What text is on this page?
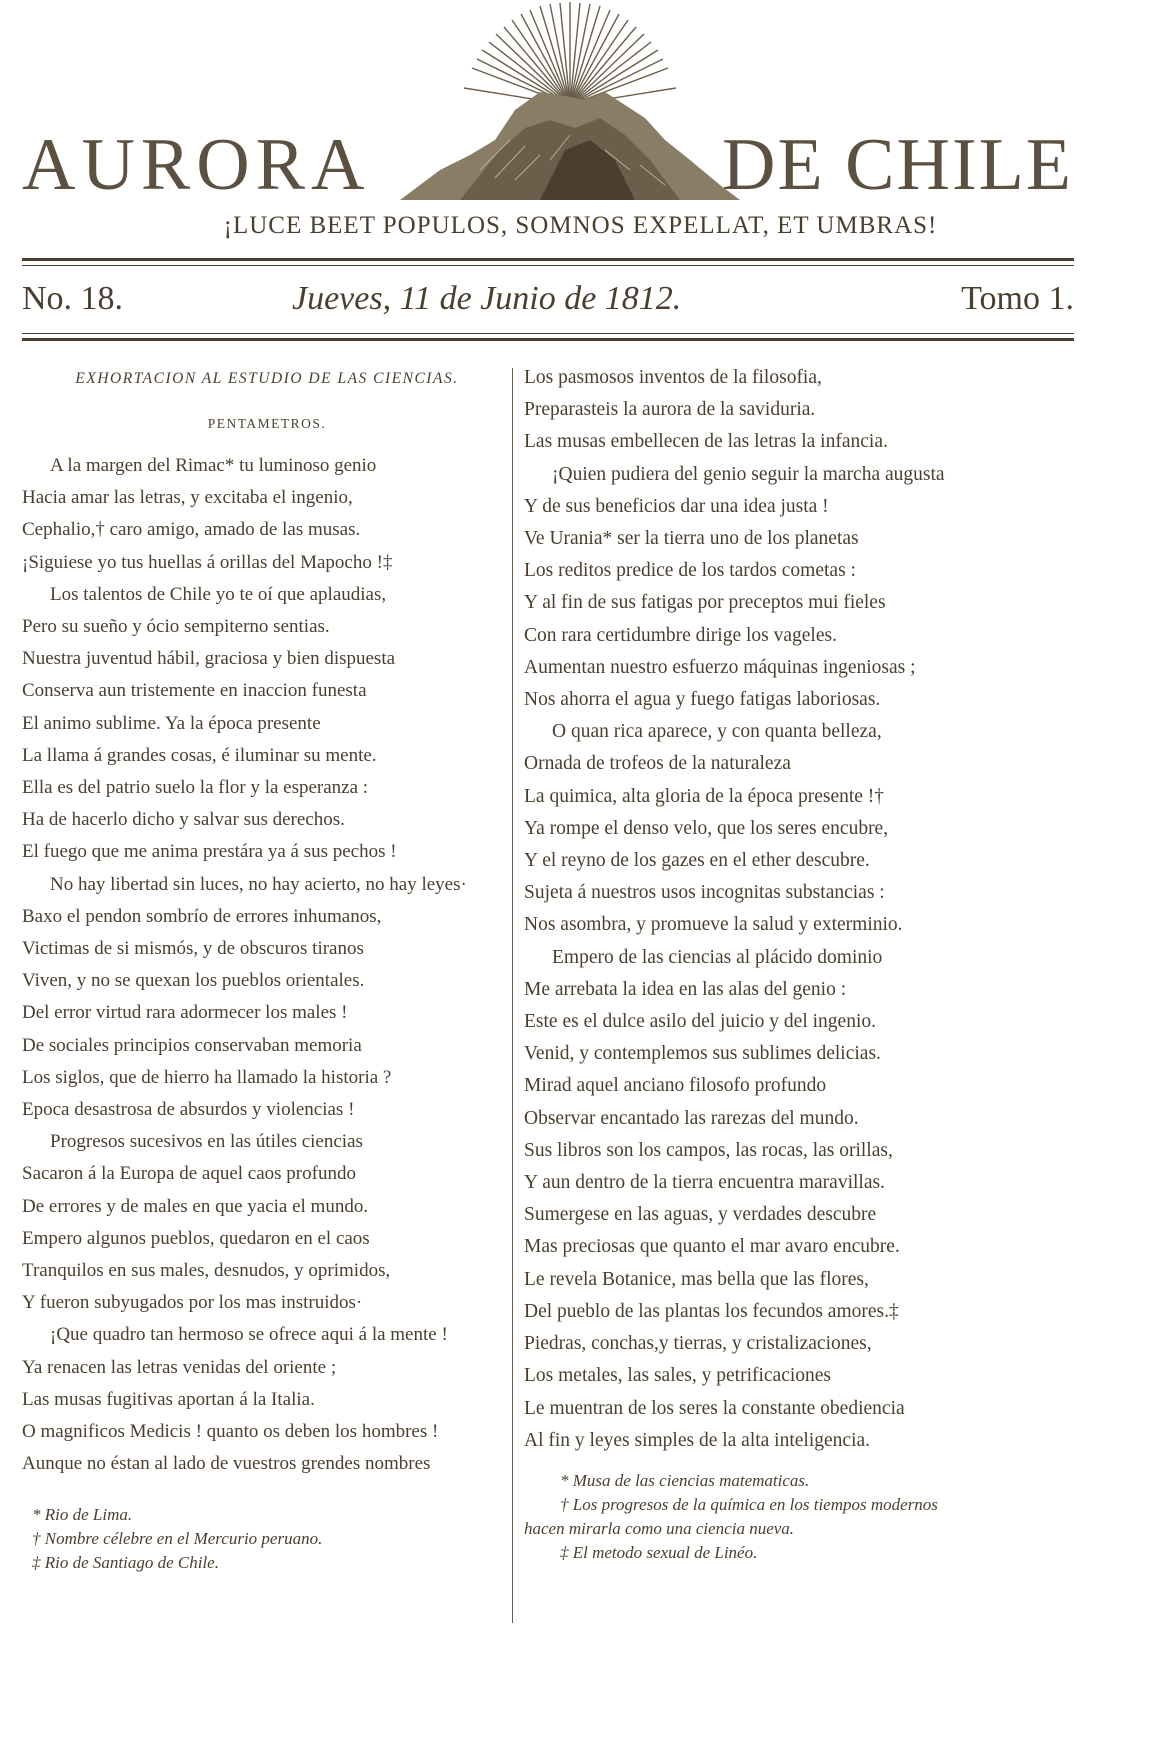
AURORA	DE CHILE
¡LUCE BEET POPULOS, SOMNOS EXPELLAT, ET UMBRAS!
No. 18.	Jueves, 11 de Junio de 1812.	Tomo 1.
EXHORTACION AL ESTUDIO DE LAS CIENCIAS.
PENTAMETROS.
A la margen del Rimac* tu luminoso genio
Hacia amar las letras, y excitaba el ingenio,
Cephalio,† caro amigo, amado de las musas.
¡Siguiese yo tus huellas á orillas del Mapocho !‡
Los talentos de Chile yo te oí que aplaudias,
Pero su sueño y ócio sempiterno sentias.
Nuestra juventud hábil, graciosa y bien dispuesta
Conserva aun tristemente en inaccion funesta
El animo sublime. Ya la época presente
La llama á grandes cosas, é iluminar su mente.
Ella es del patrio suelo la flor y la esperanza :
Ha de hacerlo dicho y salvar sus derechos.
El fuego que me anima prestára ya á sus pechos !
No hay libertad sin luces, no hay acierto, no hay leyes·
Baxo el pendon sombrío de errores inhumanos,
Victimas de si mismós, y de obscuros tiranos
Viven, y no se quexan los pueblos orientales.
Del error virtud rara adormecer los males !
De sociales principios conservaban memoria
Los siglos, que de hierro ha llamado la historia ?
Epoca desastrosa de absurdos y violencias !
Progresos sucesivos en las útiles ciencias
Sacaron á la Europa de aquel caos profundo
De errores y de males en que yacia el mundo.
Empero algunos pueblos, quedaron en el caos
Tranquilos en sus males, desnudos, y oprimidos,
Y fueron subyugados por los mas instruidos·
¡Que quadro tan hermoso se ofrece aqui á la mente !
Ya renacen las letras venidas del oriente ;
Las musas fugitivas aportan á la Italia.
O magnificos Medicis ! quanto os deben los hombres !
Aunque no éstan al lado de vuestros grendes nombres
* Rio de Lima.
† Nombre célebre en el Mercurio peruano.
‡ Rio de Santiago de Chile.
Los pasmosos inventos de la filosofia,
Preparasteis la aurora de la saviduria.
Las musas embellecen de las letras la infancia.
¡Quien pudiera del genio seguir la marcha augusta
Y de sus beneficios dar una idea justa !
Ve Urania* ser la tierra uno de los planetas
Los reditos predice de los tardos cometas :
Y al fin de sus fatigas por preceptos mui fieles
Con rara certidumbre dirige los vageles.
Aumentan nuestro esfuerzo máquinas ingeniosas ;
Nos ahorra el agua y fuego fatigas laboriosas.
O quan rica aparece, y con quanta belleza,
Ornada de trofeos de la naturaleza
La quimica, alta gloria de la época presente !†
Ya rompe el denso velo, que los seres encubre,
Y el reyno de los gazes en el ether descubre.
Sujeta á nuestros usos incognitas substancias :
Nos asombra, y promueve la salud y exterminio.
Empero de las ciencias al plácido dominio
Me arrebata la idea en las alas del genio :
Este es el dulce asilo del juicio y del ingenio.
Venid, y contemplemos sus sublimes delicias.
Mirad aquel anciano filosofo profundo
Observar encantado las rarezas del mundo.
Sus libros son los campos, las rocas, las orillas,
Y aun dentro de la tierra encuentra maravillas.
Sumergese en las aguas, y verdades descubre
Mas preciosas que quanto el mar avaro encubre.
Le revela Botanice, mas bella que las flores,
Del pueblo de las plantas los fecundos amores.‡
Piedras, conchas,y tierras, y cristalizaciones,
Los metales, las sales, y petrificaciones
Le muentran de los seres la constante obediencia
Al fin y leyes simples de la alta inteligencia.
* Musa de las ciencias matematicas.
† Los progresos de la química en los tiempos modernos
hacen mirarla como una ciencia nueva.
‡ El metodo sexual de Linéo.
